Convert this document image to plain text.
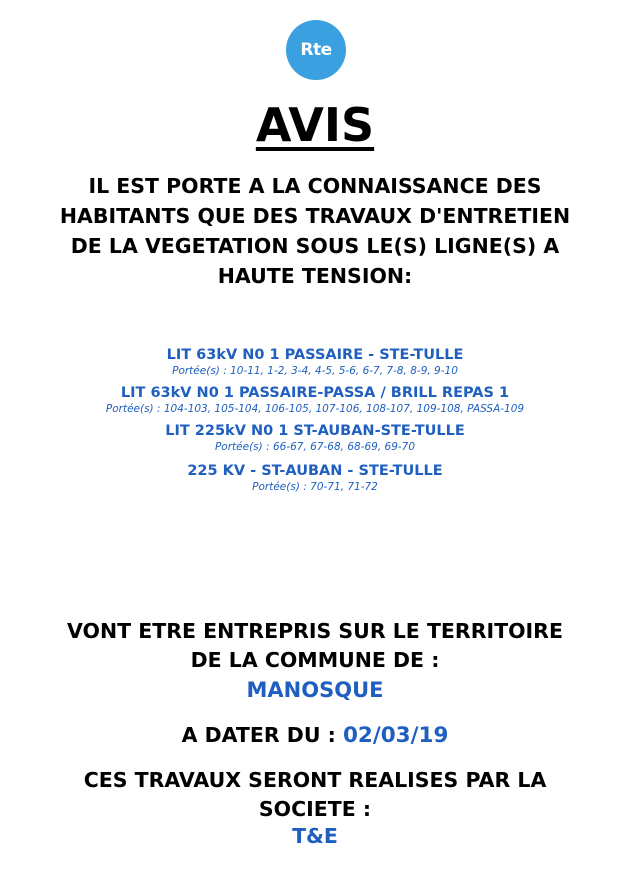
Rte
AVIS
IL EST PORTE A LA CONNAISSANCE DES
HABITANTS QUE DES TRAVAUX D'ENTRETIEN
DE LA VEGETATION SOUS LE(S) LIGNE(S) A
HAUTE TENSION:
LIT 63kV N0 1 PASSAIRE - STE-TULLE
Portée(s) : 10-11, 1-2, 3-4, 4-5, 5-6, 6-7, 7-8, 8-9, 9-10
LIT 63kV N0 1 PASSAIRE-PASSA / BRILL REPAS 1
Portée(s) : 104-103, 105-104, 106-105, 107-106, 108-107, 109-108, PASSA-109
LIT 225kV N0 1 ST-AUBAN-STE-TULLE
Portée(s) : 66-67, 67-68, 68-69, 69-70
225 KV - ST-AUBAN - STE-TULLE
Portée(s) : 70-71, 71-72
VONT ETRE ENTREPRIS SUR LE TERRITOIRE
DE LA COMMUNE DE :
MANOSQUE
A DATER DU : 02/03/19
CES TRAVAUX SERONT REALISES PAR LA
SOCIETE :
T&E
